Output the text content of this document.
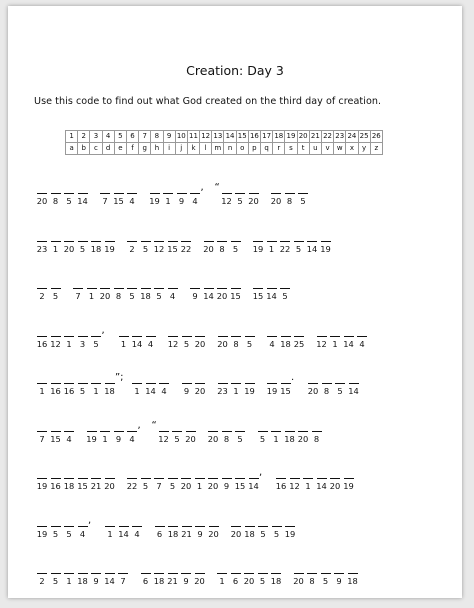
Creation: Day 3
Use this code to find out what God created on the third day of creation.
1	2	3	4	5	6	7	8	9	10	11	12	13	14	15	16	17	18	19	20	21	22	23	24	25	26
a	b	c	d	e	f	g	h	i	j	k	l	m	n	o	p	q	r	s	t	u	v	w	x	y	z
20 8 5 14 7 15 4 19 1 9 4
, “
12 5 20 20 8 5
23 1 20 5 18 19 2 5 12 15 22 20 8 5 19 1 22 5 14 19
2 5 7 1 20 8 5 18 5 4 9 14 20 15 15 14 5
16 12 1 3 5
,
1 14 4 12 5 20 20 8 5 4 18 25 12 1 14 4
1 16 16 5 1 18
”;
1 14 4 9 20 23 1 19 19 15
.
20 8 5 14
7 15 4 19 1 9 4
, “
12 5 20 20 8 5 5 1 18 20 8
19 16 18 15 21 20 22 5 7 5 20 1 20 9 15 14
,
16 12 1 14 20 19
19 5 5 4
,
1 14 4 6 18 21 9 20 20 18 5 5 19
2 5 1 18 9 14 7 6 18 21 9 20 1 6 20 5 18 20 8 5 9 18
